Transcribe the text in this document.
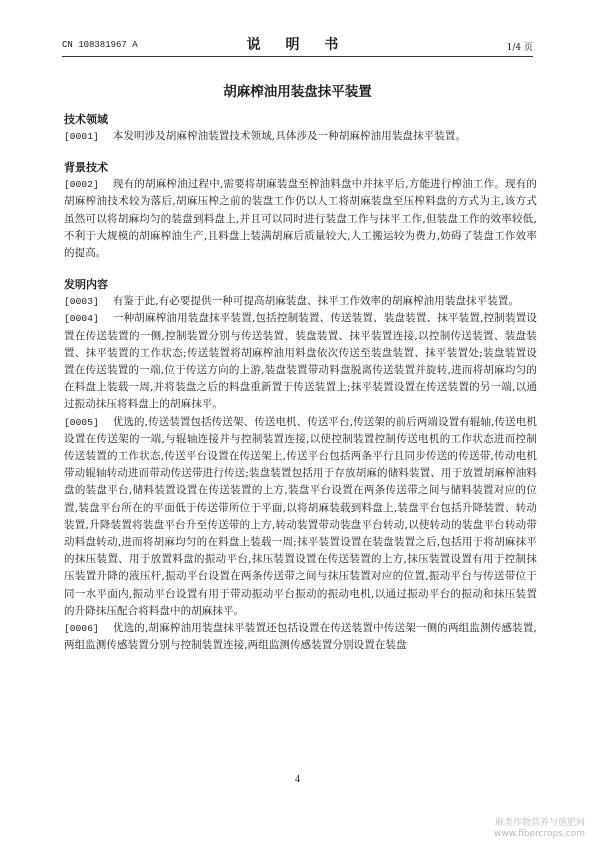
CN 108381967 A	说 明 书	1/4 页
胡麻榨油用装盘抹平装置

技术领域

[0001] 本发明涉及胡麻榨油装置技术领域,具体涉及一种胡麻榨油用装盘抹平装置。

背景技术

[0002] 现有的胡麻榨油过程中,需要将胡麻装盘至榨油料盘中并抹平后,方能进行榨油工作。现有的胡麻榨油技术较为落后,胡麻压榨之前的装盘工作仍以人工将胡麻装盘至压榨料盘的方式为主,该方式虽然可以将胡麻均匀的装盘到料盘上,并且可以同时进行装盘工作与抹平工作,但装盘工作的效率较低,不利于大规模的胡麻榨油生产,且料盘上装满胡麻后质量较大,人工搬运较为费力,妨碍了装盘工作效率的提高。

发明内容

[0003] 有鉴于此,有必要提供一种可提高胡麻装盘、抹平工作效率的胡麻榨油用装盘抹平装置。

[0004] 一种胡麻榨油用装盘抹平装置,包括控制装置、传送装置、装盘装置、抹平装置,控制装置设置在传送装置的一侧,控制装置分别与传送装置、装盘装置、抹平装置连接,以控制传送装置、装盘装置、抹平装置的工作状态;传送装置将胡麻榨油用料盘依次传送至装盘装置、抹平装置处;装盘装置设置在传送装置的一端,位于传送方向的上游,装盘装置带动料盘脱离传送装置并旋转,进而将胡麻均匀的在料盘上装载一周,并将装盘之后的料盘重新置于传送装置上;抹平装置设置在传送装置的另一端,以通过振动抹压将料盘上的胡麻抹平。

[0005] 优选的,传送装置包括传送架、传送电机、传送平台,传送架的前后两端设置有辊轴,传送电机设置在传送架的一端,与辊轴连接并与控制装置连接,以使控制装置控制传送电机的工作状态进而控制传送装置的工作状态,传送平台设置在传送架上,传送平台包括两条平行且同步传送的传送带,传动电机带动辊轴转动进而带动传送带进行传送;装盘装置包括用于存放胡麻的储料装置、用于放置胡麻榨油料盘的装盘平台,储料装置设置在传送装置的上方,装盘平台设置在两条传送带之间与储料装置对应的位置,装盘平台所在的平面低于传送带所位于平面,以将胡麻装载到料盘上,装盘平台包括升降装置、转动装置,升降装置将装盘平台升至传送带的上方,转动装置带动装盘平台转动,以使转动的装盘平台转动带动料盘转动,进而将胡麻均匀的在料盘上装载一周;抹平装置设置在装盘装置之后,包括用于将胡麻抹平的抹压装置、用于放置料盘的振动平台,抹压装置设置在传送装置的上方,抹压装置设置有用于控制抹压装置升降的液压杆,振动平台设置在两条传送带之间与抹压装置对应的位置,振动平台与传送带位于同一水平面内,振动平台设置有用于带动振动平台振动的振动电机,以通过振动平台的振动和抹压装置的升降抹压配合将料盘中的胡麻抹平。

[0006] 优选的,胡麻榨油用装盘抹平装置还包括设置在传送装置中传送架一侧的两组监测传感装置,两组监测传感装置分别与控制装置连接,两组监测传感装置分别设置在装盘

4
麻类作物营养与施肥网
www.fibercrops.com
